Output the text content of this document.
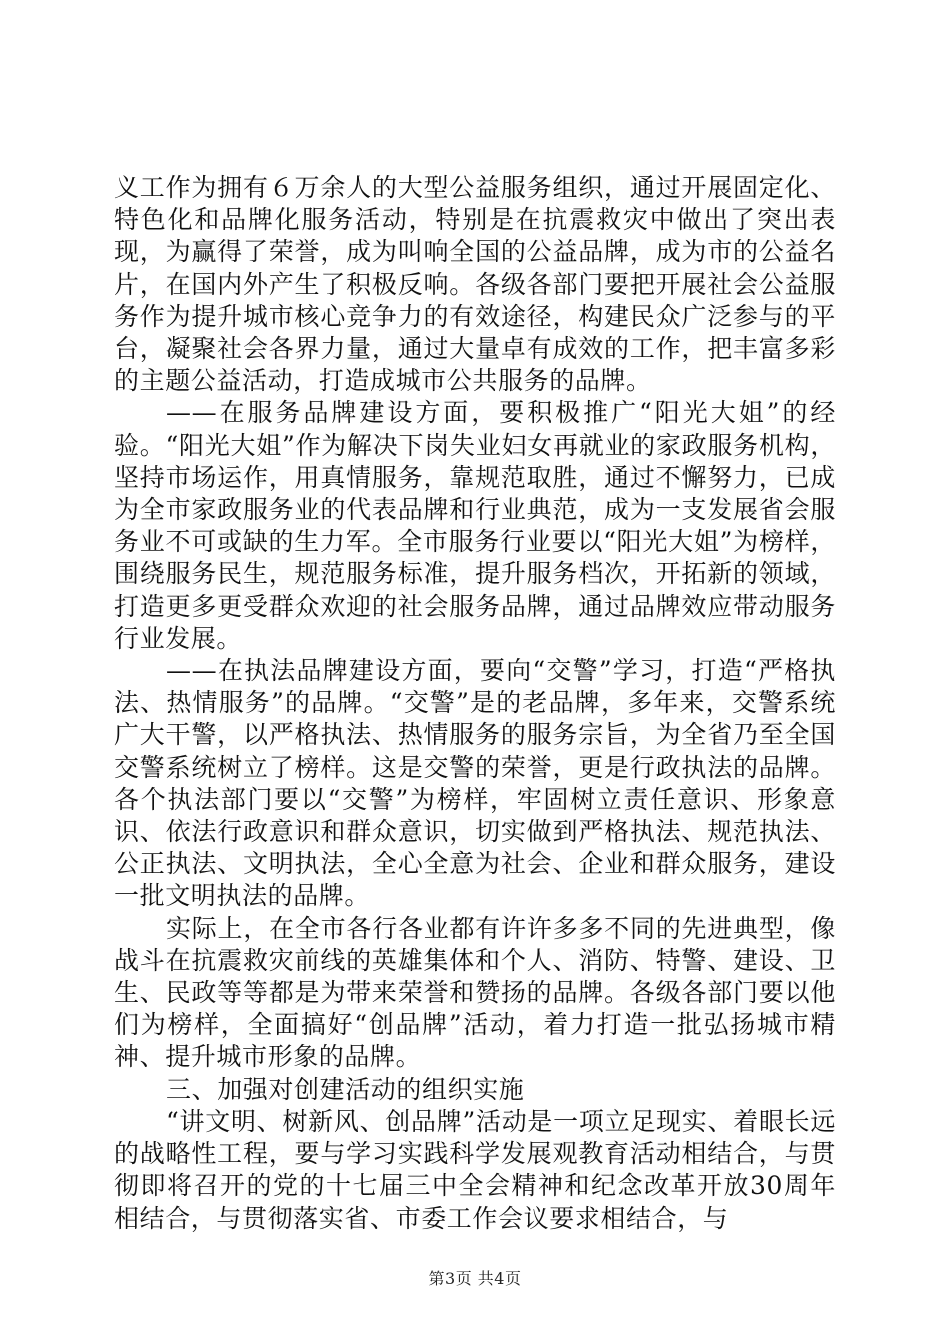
义工作为拥有６万余人的大型公益服务组织，通过开展固定化、特色化和品牌化服务活动，特别是在抗震救灾中做出了突出表现，为赢得了荣誉，成为叫响全国的公益品牌，成为市的公益名片，在国内外产生了积极反响。各级各部门要把开展社会公益服务作为提升城市核心竞争力的有效途径，构建民众广泛参与的平台，凝聚社会各界力量，通过大量卓有成效的工作，把丰富多彩的主题公益活动，打造成城市公共服务的品牌。

——在服务品牌建设方面，要积极推广“阳光大姐”的经验。“阳光大姐”作为解决下岗失业妇女再就业的家政服务机构，坚持市场运作，用真情服务，靠规范取胜，通过不懈努力，已成为全市家政服务业的代表品牌和行业典范，成为一支发展省会服务业不可或缺的生力军。全市服务行业要以“阳光大姐”为榜样，围绕服务民生，规范服务标准，提升服务档次，开拓新的领域，打造更多更受群众欢迎的社会服务品牌，通过品牌效应带动服务行业发展。

——在执法品牌建设方面，要向“交警”学习，打造“严格执法、热情服务”的品牌。“交警”是的老品牌，多年来，交警系统广大干警，以严格执法、热情服务的服务宗旨，为全省乃至全国交警系统树立了榜样。这是交警的荣誉，更是行政执法的品牌。各个执法部门要以“交警”为榜样，牢固树立责任意识、形象意识、依法行政意识和群众意识，切实做到严格执法、规范执法、公正执法、文明执法，全心全意为社会、企业和群众服务，建设一批文明执法的品牌。

实际上，在全市各行各业都有许许多多不同的先进典型，像战斗在抗震救灾前线的英雄集体和个人、消防、特警、建设、卫生、民政等等都是为带来荣誉和赞扬的品牌。各级各部门要以他们为榜样，全面搞好“创品牌”活动，着力打造一批弘扬城市精神、提升城市形象的品牌。

三、加强对创建活动的组织实施

“讲文明、树新风、创品牌”活动是一项立足现实、着眼长远的战略性工程，要与学习实践科学发展观教育活动相结合，与贯彻即将召开的党的十七届三中全会精神和纪念改革开放30周年相结合，与贯彻落实省、市委工作会议要求相结合，与

第3页 共4页
